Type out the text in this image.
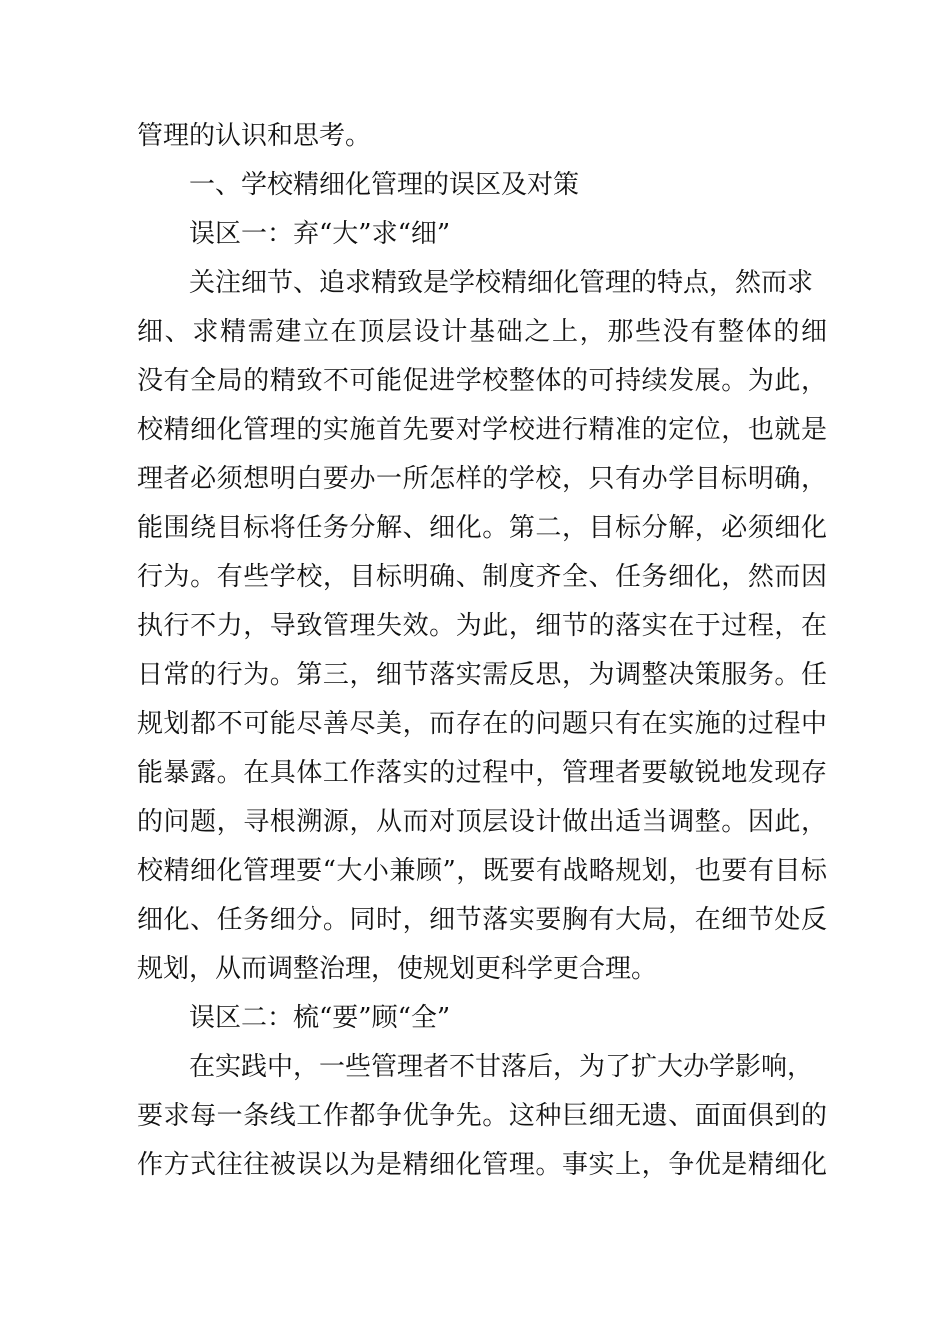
管理的认识和思考。
一、学校精细化管理的误区及对策
误区一：弃“大”求“细”
关注细节、追求精致是学校精细化管理的特点，然而求
细、求精需建立在顶层设计基础之上，那些没有整体的细
没有全局的精致不可能促进学校整体的可持续发展。为此，
校精细化管理的实施首先要对学校进行精准的定位，也就是
理者必须想明白要办一所怎样的学校，只有办学目标明确，
能围绕目标将任务分解、细化。第二，目标分解，必须细化
行为。有些学校，目标明确、制度齐全、任务细化，然而因
执行不力，导致管理失效。为此，细节的落实在于过程，在
日常的行为。第三，细节落实需反思，为调整决策服务。任
规划都不可能尽善尽美，而存在的问题只有在实施的过程中
能暴露。在具体工作落实的过程中，管理者要敏锐地发现存
的问题，寻根溯源，从而对顶层设计做出适当调整。因此，
校精细化管理要“大小兼顾”，既要有战略规划，也要有目标
细化、任务细分。同时，细节落实要胸有大局，在细节处反
规划，从而调整治理，使规划更科学更合理。
误区二：梳“要”顾“全”
在实践中，一些管理者不甘落后，为了扩大办学影响，
要求每一条线工作都争优争先。这种巨细无遗、面面俱到的
作方式往往被误以为是精细化管理。事实上，争优是精细化
